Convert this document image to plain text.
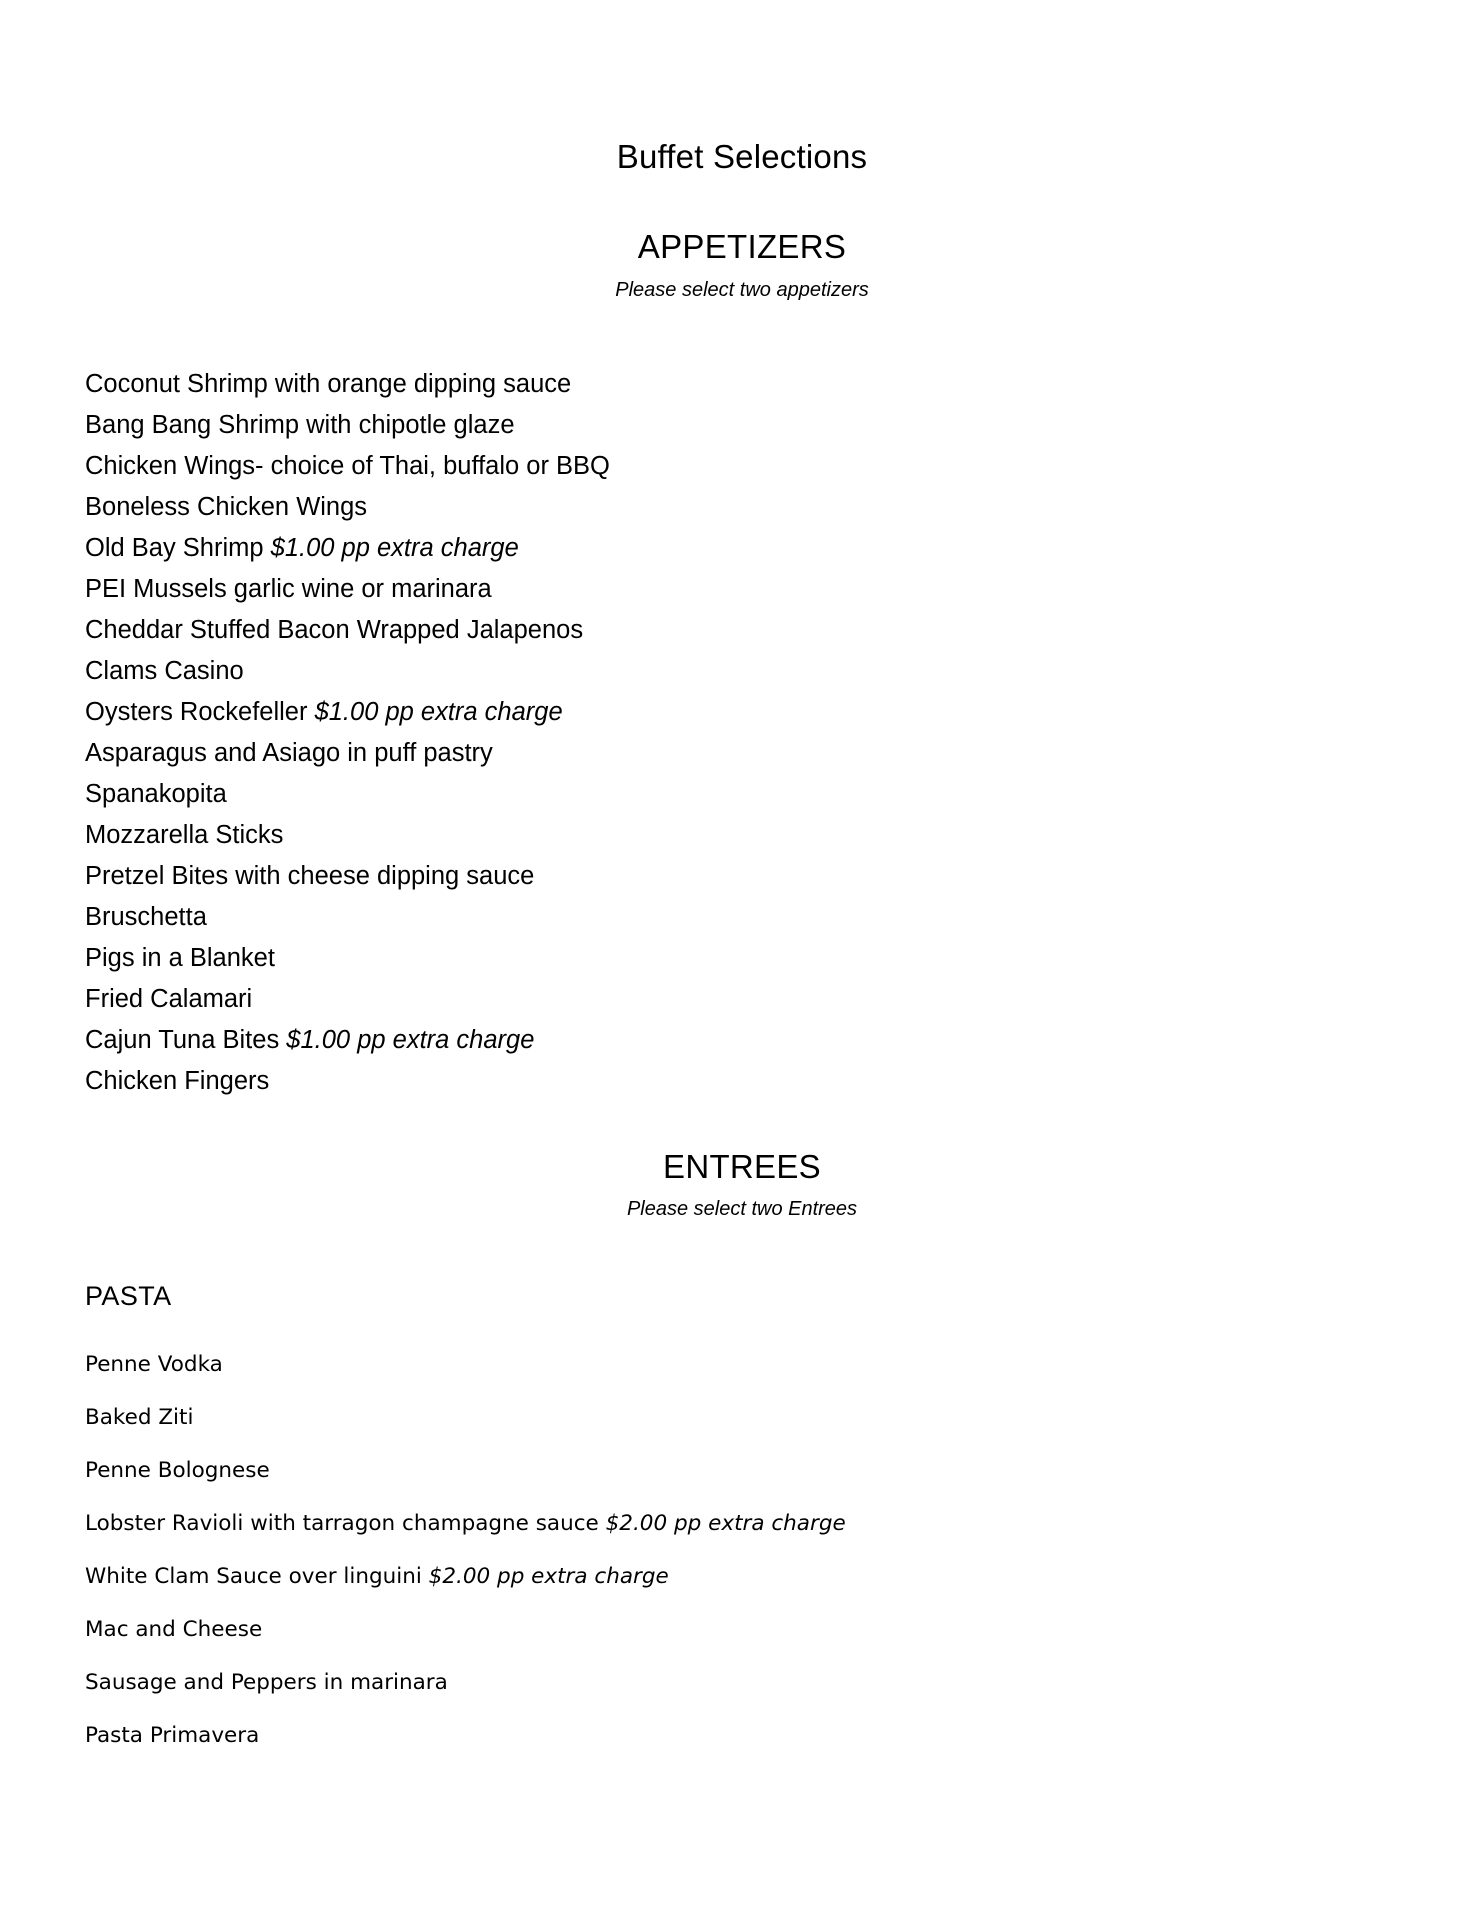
Buffet Selections
APPETIZERS

Please select two appetizers

Coconut Shrimp with orange dipping sauce
Bang Bang Shrimp with chipotle glaze
Chicken Wings- choice of Thai, buffalo or BBQ
Boneless Chicken Wings
Old Bay Shrimp $1.00 pp extra charge
PEI Mussels garlic wine or marinara
Cheddar Stuffed Bacon Wrapped Jalapenos
Clams Casino
Oysters Rockefeller $1.00 pp extra charge
Asparagus and Asiago in puff pastry
Spanakopita
Mozzarella Sticks
Pretzel Bites with cheese dipping sauce
Bruschetta
Pigs in a Blanket
Fried Calamari
Cajun Tuna Bites $1.00 pp extra charge
Chicken Fingers
ENTREES

Please select two Entrees

PASTA
Penne Vodka
Baked Ziti
Penne Bolognese
Lobster Ravioli with tarragon champagne sauce $2.00 pp extra charge
White Clam Sauce over linguini $2.00 pp extra charge
Mac and Cheese
Sausage and Peppers in marinara
Pasta Primavera
